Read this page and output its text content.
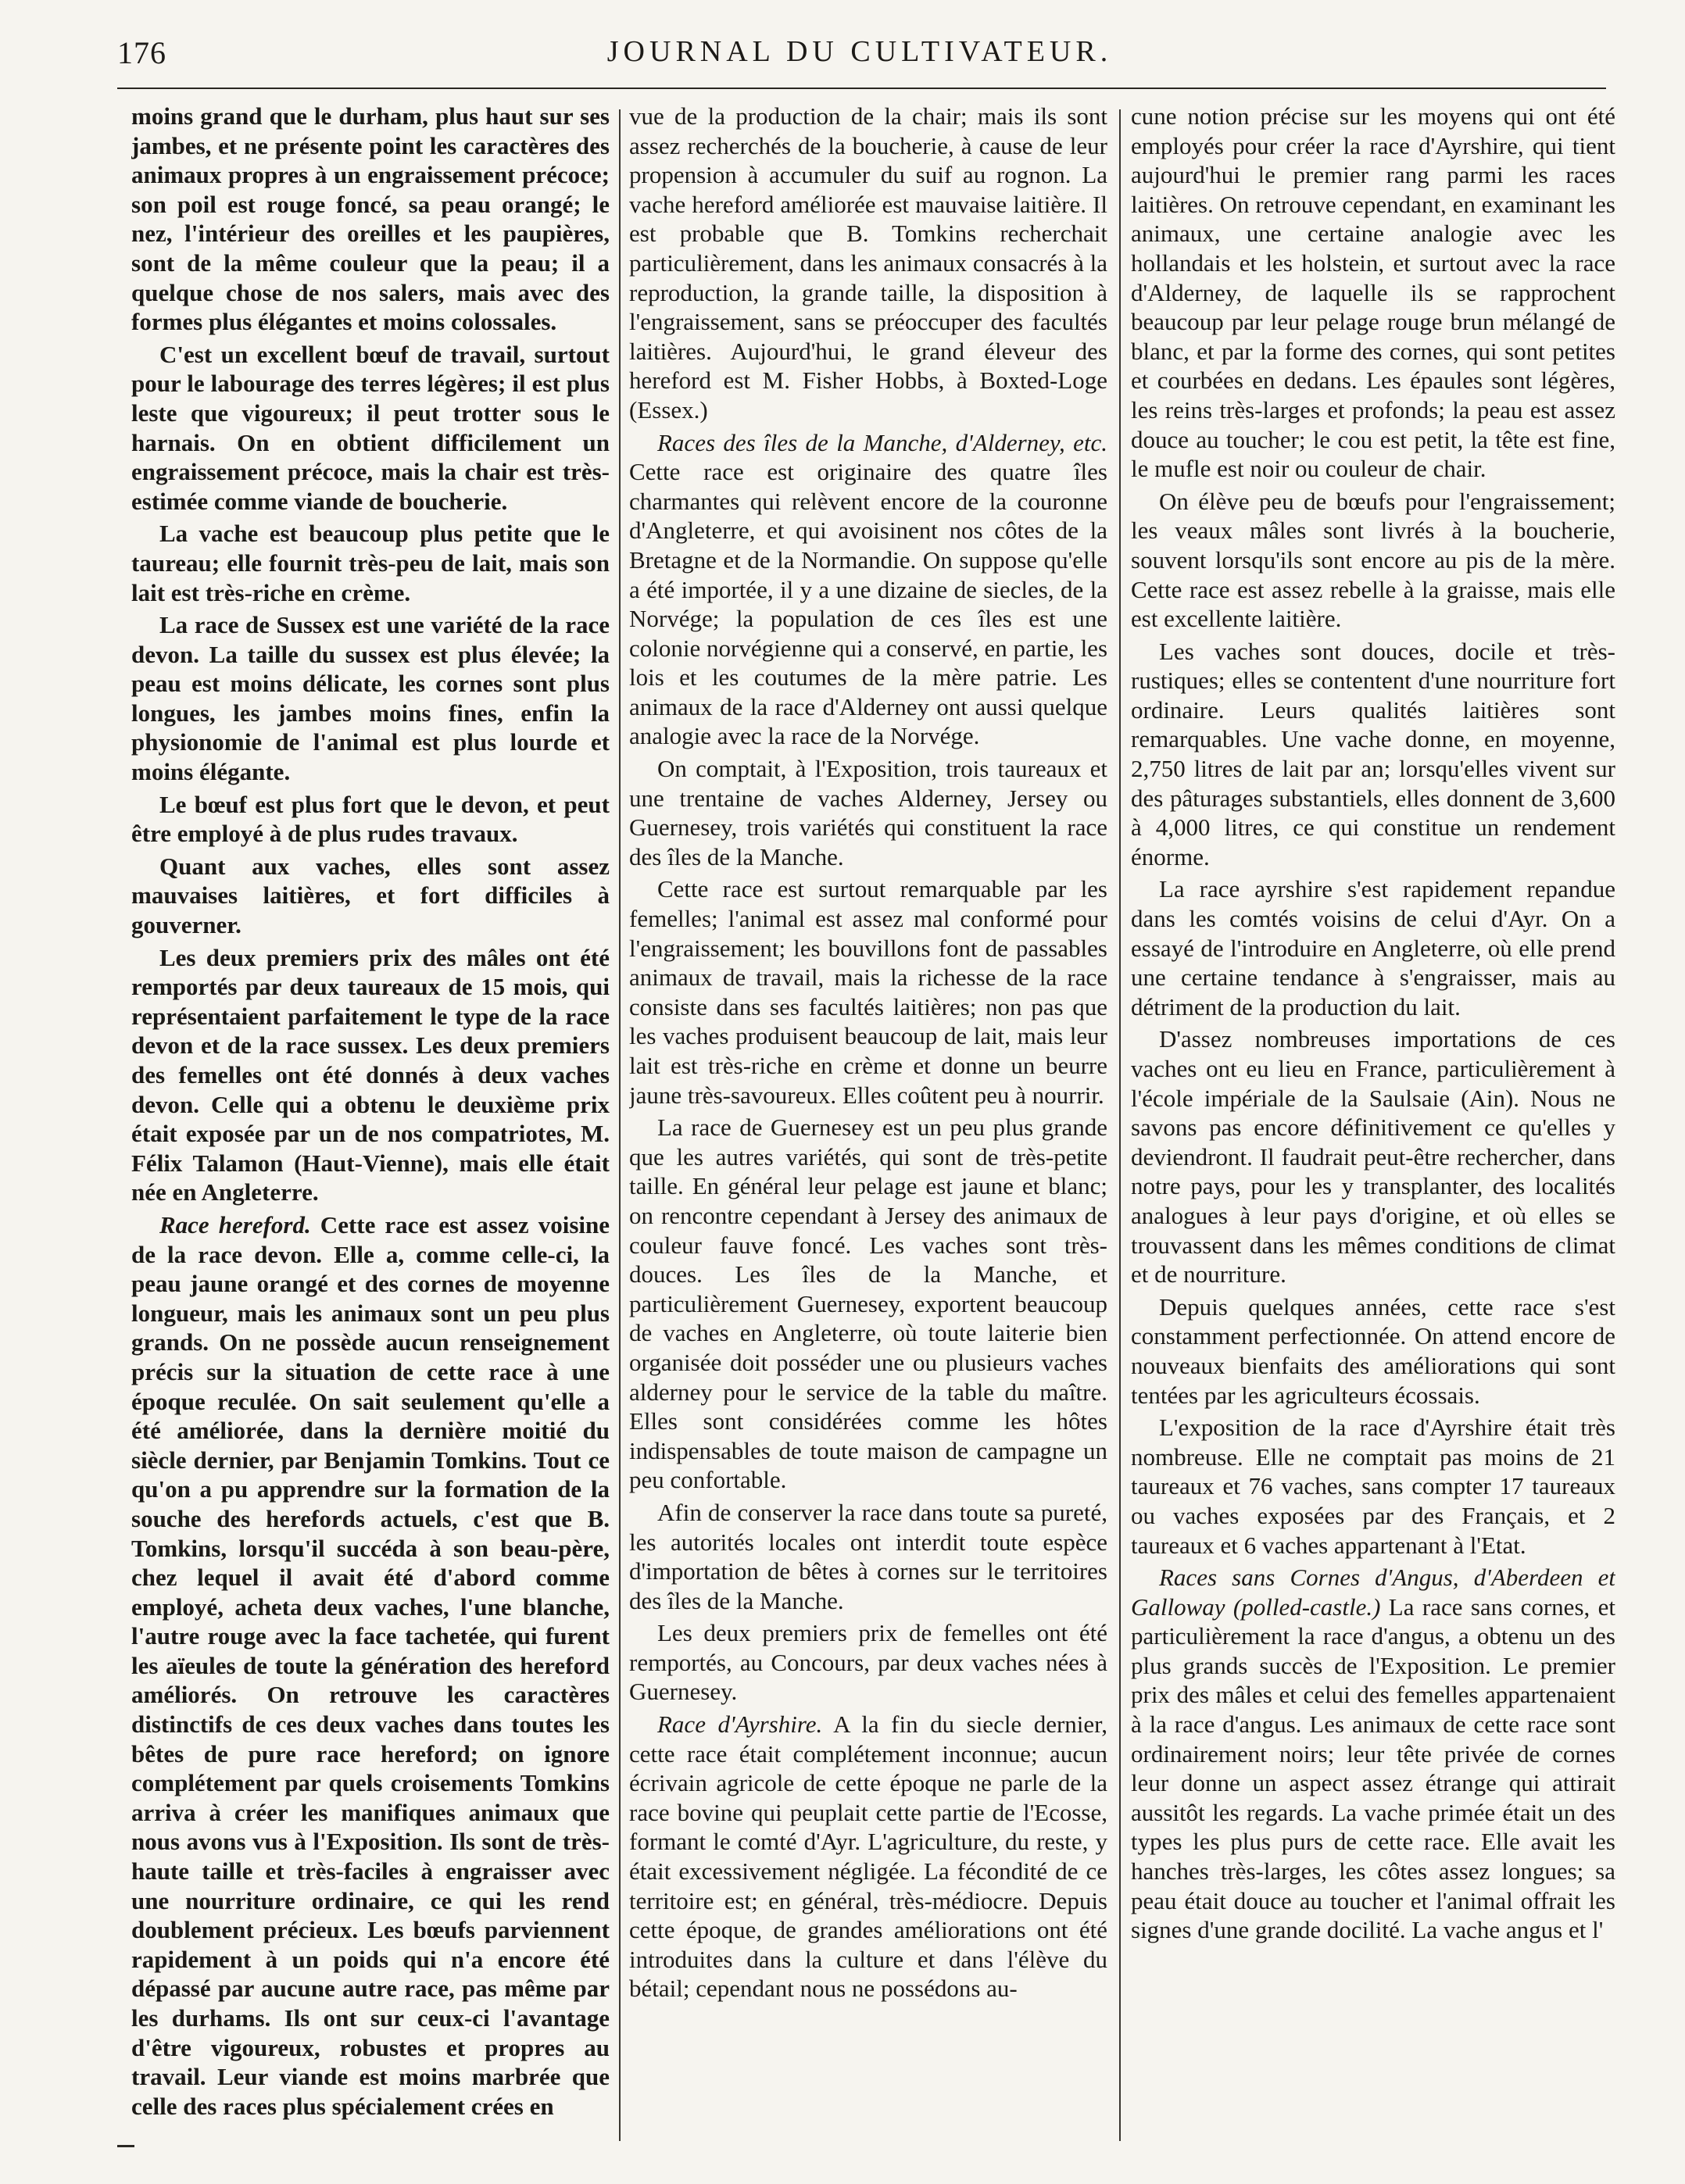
176	JOURNAL DU CULTIVATEUR.

moins grand que le durham, plus haut sur ses jambes, et ne présente point les caractères des animaux propres à un engraissement précoce; son poil est rouge foncé, sa peau orangé; le nez, l'intérieur des oreilles et les paupières, sont de la même couleur que la peau; il a quelque chose de nos salers, mais avec des formes plus élégantes et moins colossales.

C'est un excellent bœuf de travail, surtout pour le labourage des terres légères; il est plus leste que vigoureux; il peut trotter sous le harnais. On en obtient difficilement un engraissement précoce, mais la chair est très-estimée comme viande de boucherie.

La vache est beaucoup plus petite que le taureau; elle fournit très-peu de lait, mais son lait est très-riche en crème.

La race de Sussex est une variété de la race devon. La taille du sussex est plus élevée; la peau est moins délicate, les cornes sont plus longues, les jambes moins fines, enfin la physionomie de l'animal est plus lourde et moins élégante.

Le bœuf est plus fort que le devon, et peut être employé à de plus rudes travaux.

Quant aux vaches, elles sont assez mauvaises laitières, et fort difficiles à gouverner.

Les deux premiers prix des mâles ont été remportés par deux taureaux de 15 mois, qui représentaient parfaitement le type de la race devon et de la race sussex. Les deux premiers des femelles ont été donnés à deux vaches devon. Celle qui a obtenu le deuxième prix était exposée par un de nos compatriotes, M. Félix Talamon (Haut-Vienne), mais elle était née en Angleterre.

Race hereford. Cette race est assez voisine de la race devon. Elle a, comme celle-ci, la peau jaune orangé et des cornes de moyenne longueur, mais les animaux sont un peu plus grands. On ne possède aucun renseignement précis sur la situation de cette race à une époque reculée. On sait seulement qu'elle a été améliorée, dans la dernière moitié du siècle dernier, par Benjamin Tomkins. Tout ce qu'on a pu apprendre sur la formation de la souche des herefords actuels, c'est que B. Tomkins, lorsqu'il succéda à son beau-père, chez lequel il avait été d'abord comme employé, acheta deux vaches, l'une blanche, l'autre rouge avec la face tachetée, qui furent les aïeules de toute la génération des hereford améliorés. On retrouve les caractères distinctifs de ces deux vaches dans toutes les bêtes de pure race hereford; on ignore complétement par quels croisements Tomkins arriva à créer les manifiques animaux que nous avons vus à l'Exposition. Ils sont de très-haute taille et très-faciles à engraisser avec une nourriture ordinaire, ce qui les rend doublement précieux. Les bœufs parviennent rapidement à un poids qui n'a encore été dépassé par aucune autre race, pas même par les durhams. Ils ont sur ceux-ci l'avantage d'être vigoureux, robustes et propres au travail. Leur viande est moins marbrée que celle des races plus spécialement crées en

vue de la production de la chair; mais ils sont assez recherchés de la boucherie, à cause de leur propension à accumuler du suif au rognon. La vache hereford améliorée est mauvaise laitière. Il est probable que B. Tomkins recherchait particulièrement, dans les animaux consacrés à la reproduction, la grande taille, la disposition à l'engraissement, sans se préoccuper des facultés laitières. Aujourd'hui, le grand éleveur des hereford est M. Fisher Hobbs, à Boxted-Loge (Essex.)

Races des îles de la Manche, d'Alderney, etc. Cette race est originaire des quatre îles charmantes qui relèvent encore de la couronne d'Angleterre, et qui avoisinent nos côtes de la Bretagne et de la Normandie. On suppose qu'elle a été importée, il y a une dizaine de siecles, de la Norvége; la population de ces îles est une colonie norvégienne qui a conservé, en partie, les lois et les coutumes de la mère patrie. Les animaux de la race d'Alderney ont aussi quelque analogie avec la race de la Norvége.

On comptait, à l'Exposition, trois taureaux et une trentaine de vaches Alderney, Jersey ou Guernesey, trois variétés qui constituent la race des îles de la Manche.

Cette race est surtout remarquable par les femelles; l'animal est assez mal conformé pour l'engraissement; les bouvillons font de passables animaux de travail, mais la richesse de la race consiste dans ses facultés laitières; non pas que les vaches produisent beaucoup de lait, mais leur lait est très-riche en crème et donne un beurre jaune très-savoureux. Elles coûtent peu à nourrir.

La race de Guernesey est un peu plus grande que les autres variétés, qui sont de très-petite taille. En général leur pelage est jaune et blanc; on rencontre cependant à Jersey des animaux de couleur fauve foncé. Les vaches sont très-douces. Les îles de la Manche, et particulièrement Guernesey, exportent beaucoup de vaches en Angleterre, où toute laiterie bien organisée doit posséder une ou plusieurs vaches alderney pour le service de la table du maître. Elles sont considérées comme les hôtes indispensables de toute maison de campagne un peu confortable.

Afin de conserver la race dans toute sa pureté, les autorités locales ont interdit toute espèce d'importation de bêtes à cornes sur le territoires des îles de la Manche.

Les deux premiers prix de femelles ont été remportés, au Concours, par deux vaches nées à Guernesey.

Race d'Ayrshire. A la fin du siecle dernier, cette race était complétement inconnue; aucun écrivain agricole de cette époque ne parle de la race bovine qui peuplait cette partie de l'Ecosse, formant le comté d'Ayr. L'agriculture, du reste, y était excessivement négligée. La fécondité de ce territoire est; en général, très-médiocre. Depuis cette époque, de grandes améliorations ont été introduites dans la culture et dans l'élève du bétail; cependant nous ne possédons au-

cune notion précise sur les moyens qui ont été employés pour créer la race d'Ayrshire, qui tient aujourd'hui le premier rang parmi les races laitières. On retrouve cependant, en examinant les animaux, une certaine analogie avec les hollandais et les holstein, et surtout avec la race d'Alderney, de laquelle ils se rapprochent beaucoup par leur pelage rouge brun mélangé de blanc, et par la forme des cornes, qui sont petites et courbées en dedans. Les épaules sont légères, les reins très-larges et profonds; la peau est assez douce au toucher; le cou est petit, la tête est fine, le mufle est noir ou couleur de chair.

On élève peu de bœufs pour l'engraissement; les veaux mâles sont livrés à la boucherie, souvent lorsqu'ils sont encore au pis de la mère. Cette race est assez rebelle à la graisse, mais elle est excellente laitière.

Les vaches sont douces, docile et très-rustiques; elles se contentent d'une nourriture fort ordinaire. Leurs qualités laitières sont remarquables. Une vache donne, en moyenne, 2,750 litres de lait par an; lorsqu'elles vivent sur des pâturages substantiels, elles donnent de 3,600 à 4,000 litres, ce qui constitue un rendement énorme.

La race ayrshire s'est rapidement repandue dans les comtés voisins de celui d'Ayr. On a essayé de l'introduire en Angleterre, où elle prend une certaine tendance à s'engraisser, mais au détriment de la production du lait.

D'assez nombreuses importations de ces vaches ont eu lieu en France, particulièrement à l'école impériale de la Saulsaie (Ain). Nous ne savons pas encore définitivement ce qu'elles y deviendront. Il faudrait peut-être rechercher, dans notre pays, pour les y transplanter, des localités analogues à leur pays d'origine, et où elles se trouvassent dans les mêmes conditions de climat et de nourriture.

Depuis quelques années, cette race s'est constamment perfectionnée. On attend encore de nouveaux bienfaits des améliorations qui sont tentées par les agriculteurs écossais.

L'exposition de la race d'Ayrshire était très nombreuse. Elle ne comptait pas moins de 21 taureaux et 76 vaches, sans compter 17 taureaux ou vaches exposées par des Français, et 2 taureaux et 6 vaches appartenant à l'Etat.

Races sans Cornes d'Angus, d'Aberdeen et Galloway (polled-castle.) La race sans cornes, et particulièrement la race d'angus, a obtenu un des plus grands succès de l'Exposition. Le premier prix des mâles et celui des femelles appartenaient à la race d'angus. Les animaux de cette race sont ordinairement noirs; leur tête privée de cornes leur donne un aspect assez étrange qui attirait aussitôt les regards. La vache primée était un des types les plus purs de cette race. Elle avait les hanches très-larges, les côtes assez longues; sa peau était douce au toucher et l'animal offrait les signes d'une grande docilité. La vache angus et l'
